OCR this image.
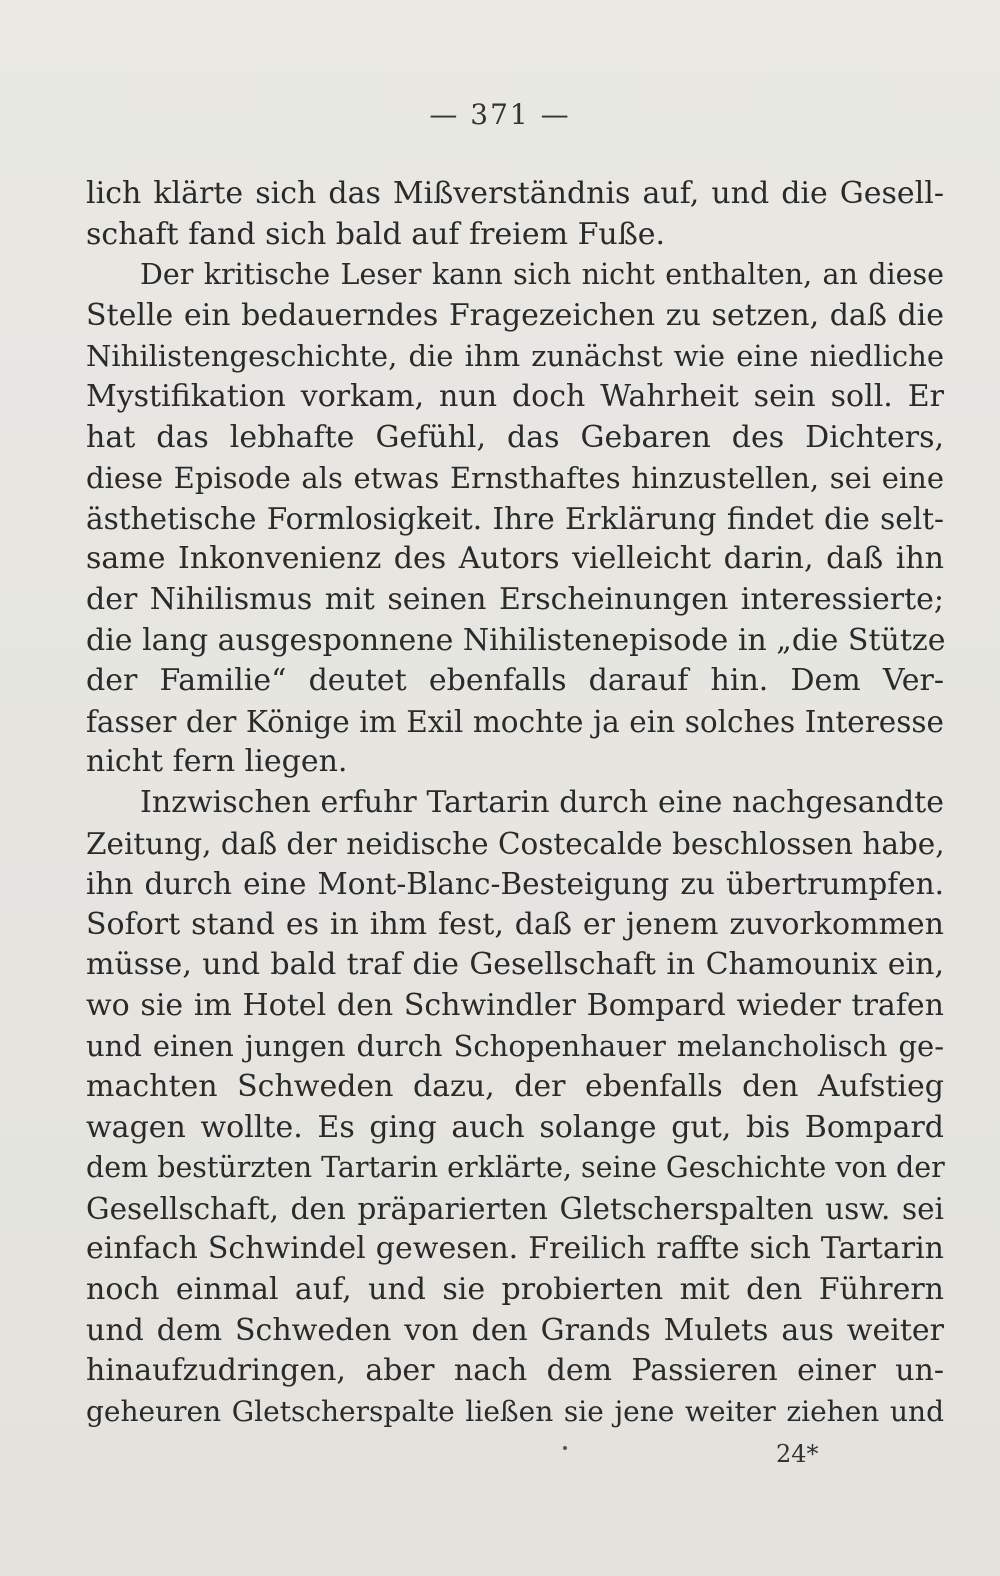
— 371 —
lich klärte sich das Mißverständnis auf, und die Gesell-
schaft fand sich bald auf freiem Fuße.
Der kritische Leser kann sich nicht enthalten, an diese
Stelle ein bedauerndes Fragezeichen zu setzen, daß die
Nihilistengeschichte, die ihm zunächst wie eine niedliche
Mystifikation vorkam, nun doch Wahrheit sein soll. Er
hat das lebhafte Gefühl, das Gebaren des Dichters,
diese Episode als etwas Ernsthaftes hinzustellen, sei eine
ästhetische Formlosigkeit. Ihre Erklärung findet die selt-
same Inkonvenienz des Autors vielleicht darin, daß ihn
der Nihilismus mit seinen Erscheinungen interessierte;
die lang ausgesponnene Nihilistenepisode in „die Stütze
der Familie“ deutet ebenfalls darauf hin. Dem Ver-
fasser der Könige im Exil mochte ja ein solches Interesse
nicht fern liegen.
Inzwischen erfuhr Tartarin durch eine nachgesandte
Zeitung, daß der neidische Costecalde beschlossen habe,
ihn durch eine Mont-Blanc-Besteigung zu übertrumpfen.
Sofort stand es in ihm fest, daß er jenem zuvorkommen
müsse, und bald traf die Gesellschaft in Chamounix ein,
wo sie im Hotel den Schwindler Bompard wieder trafen
und einen jungen durch Schopenhauer melancholisch ge-
machten Schweden dazu, der ebenfalls den Aufstieg
wagen wollte. Es ging auch solange gut, bis Bompard
dem bestürzten Tartarin erklärte, seine Geschichte von der
Gesellschaft, den präparierten Gletscherspalten usw. sei
einfach Schwindel gewesen. Freilich raffte sich Tartarin
noch einmal auf, und sie probierten mit den Führern
und dem Schweden von den Grands Mulets aus weiter
hinaufzudringen, aber nach dem Passieren einer un-
geheuren Gletscherspalte ließen sie jene weiter ziehen und
24*
